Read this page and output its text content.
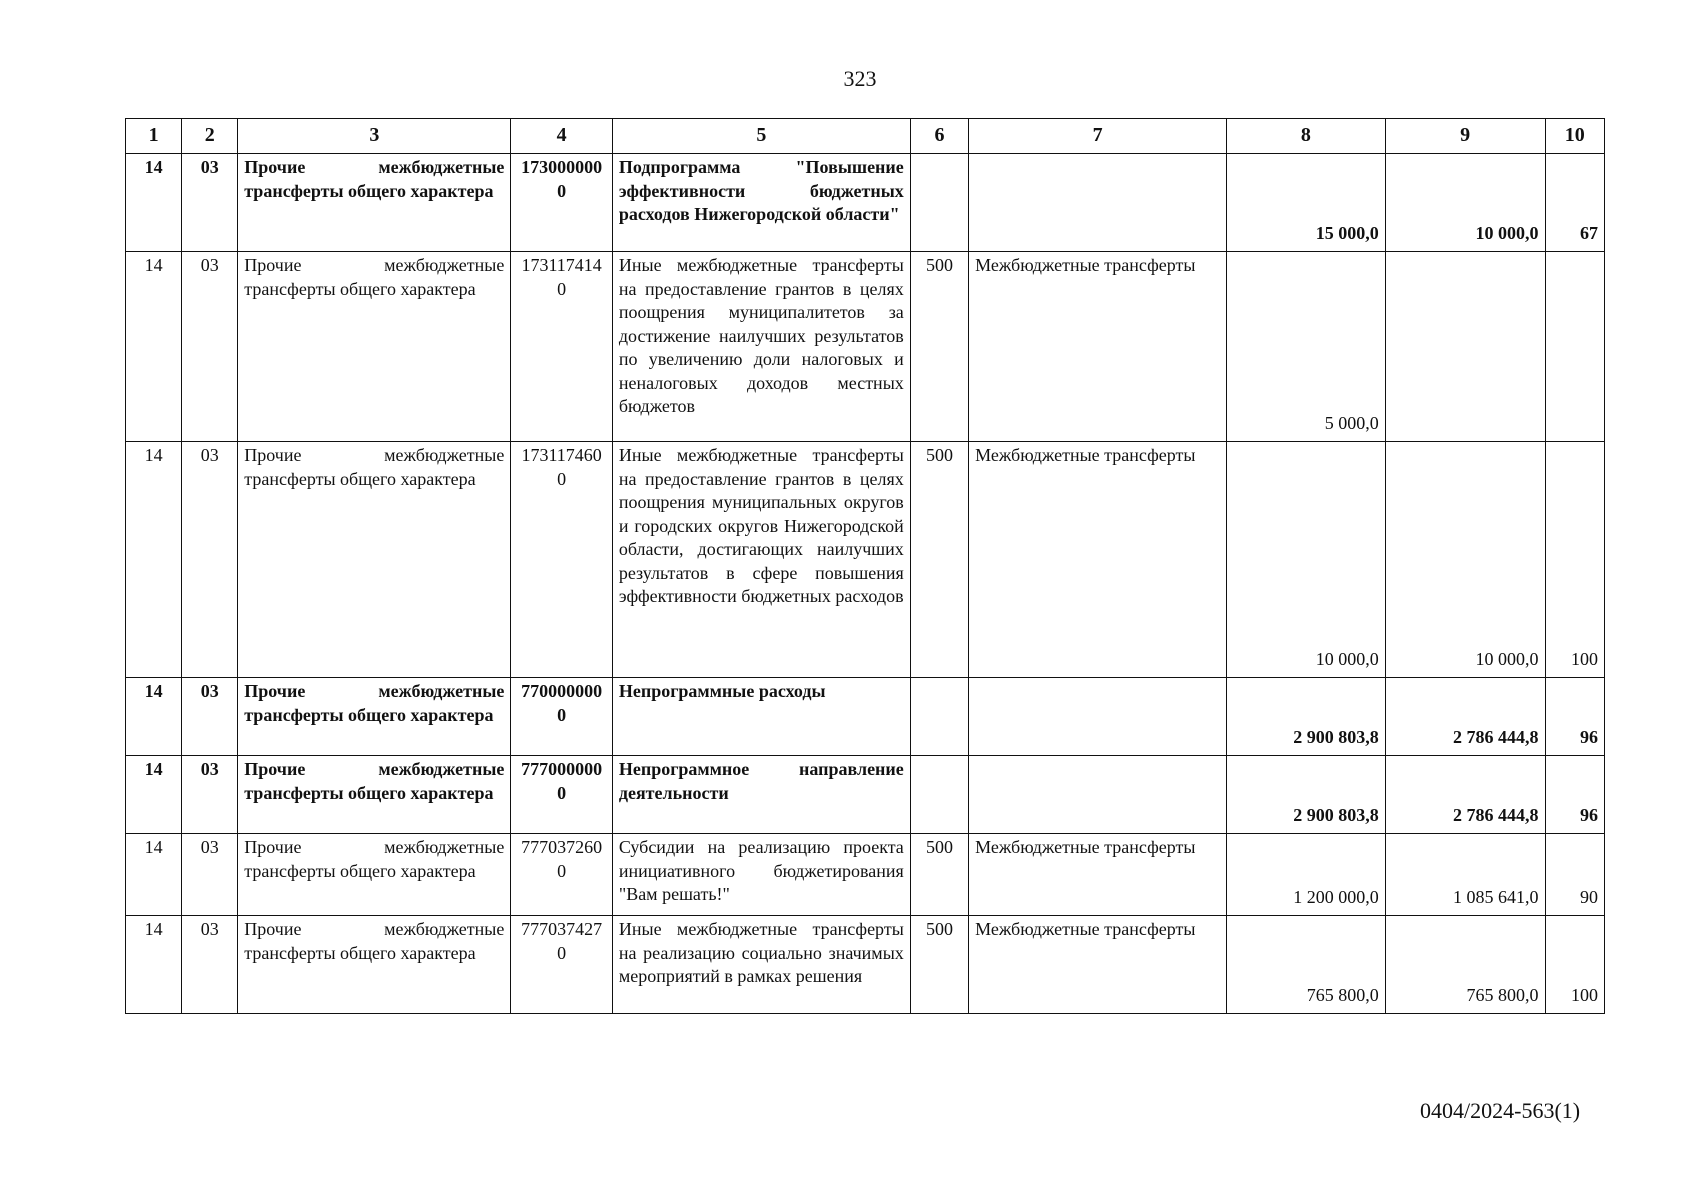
323
1	2	3	4	5	6	7	8	9	10
14	03	Прочие межбюджетные трансферты общего характера	1730000000	Подпрограмма "Повышение эффективности бюджетных расходов Нижегородской области"			15 000,0	10 000,0	67
14	03	Прочие межбюджетные трансферты общего характера	1731174140	Иные межбюджетные трансферты на предоставление грантов в целях поощрения муниципалитетов за достижение наилучших результатов по увеличению доли налоговых и неналоговых доходов местных бюджетов	500	Межбюджетные трансферты	5 000,0		
14	03	Прочие межбюджетные трансферты общего характера	1731174600	Иные межбюджетные трансферты на предоставление грантов в целях поощрения муниципальных округов и городских округов Нижегородской области, достигающих наилучших результатов в сфере повышения эффективности бюджетных расходов	500	Межбюджетные трансферты	10 000,0	10 000,0	100
14	03	Прочие межбюджетные трансферты общего характера	7700000000	Непрограммные расходы			2 900 803,8	2 786 444,8	96
14	03	Прочие межбюджетные трансферты общего характера	7770000000	Непрограммное направление деятельности			2 900 803,8	2 786 444,8	96
14	03	Прочие межбюджетные трансферты общего характера	7770372600	Субсидии на реализацию проекта инициативного бюджетирования "Вам решать!"	500	Межбюджетные трансферты	1 200 000,0	1 085 641,0	90
14	03	Прочие межбюджетные трансферты общего характера	7770374270	Иные межбюджетные трансферты на реализацию социально значимых мероприятий в рамках решения	500	Межбюджетные трансферты	765 800,0	765 800,0	100
0404/2024-563(1)
